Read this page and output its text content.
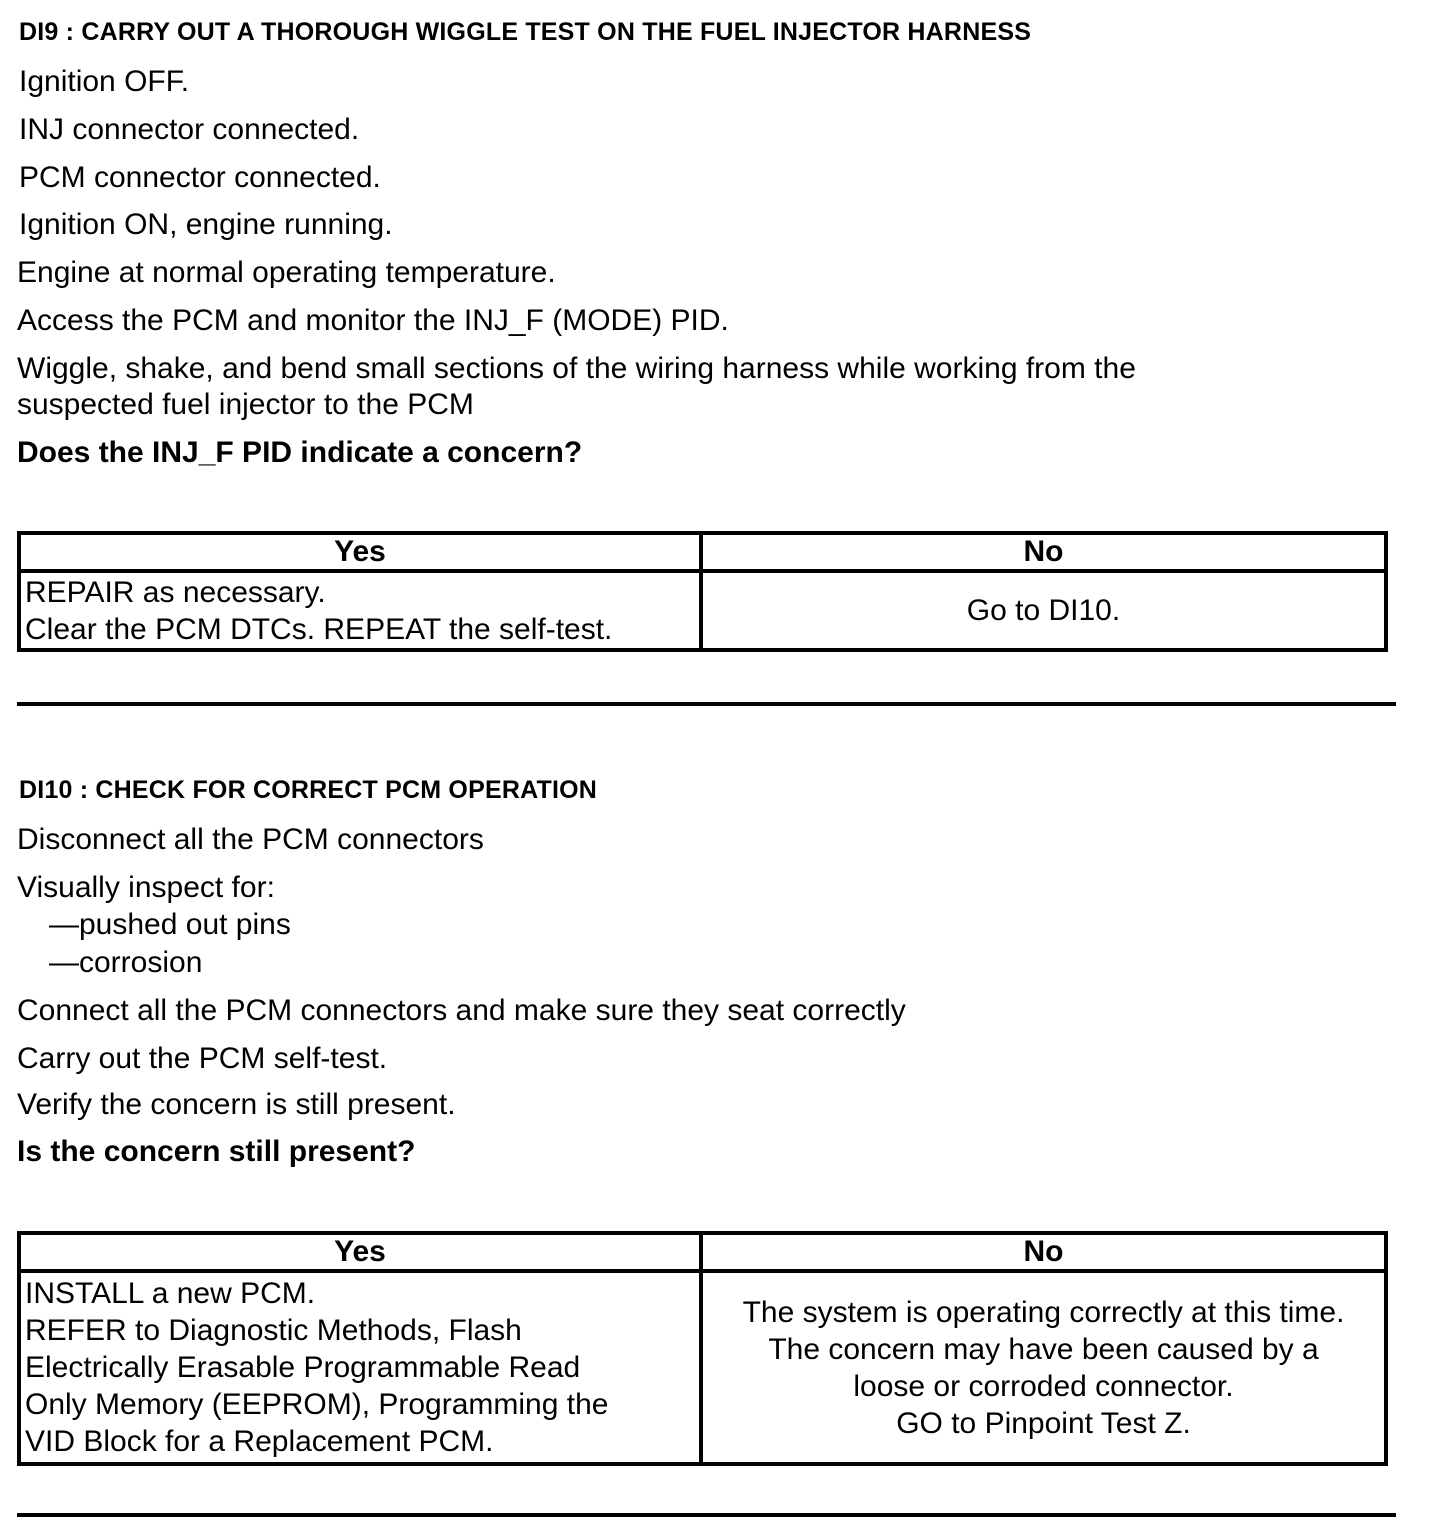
DI9 : CARRY OUT A THOROUGH WIGGLE TEST ON THE FUEL INJECTOR HARNESS
Ignition OFF.
INJ connector connected.
PCM connector connected.
Ignition ON, engine running.
Engine at normal operating temperature.
Access the PCM and monitor the INJ_F (MODE) PID.
Wiggle, shake, and bend small sections of the wiring harness while working from the
suspected fuel injector to the PCM
Does the INJ_F PID indicate a concern?
Yes	No

REPAIR as necessary.
Clear the PCM DTCs. REPEAT the self-test.	Go to DI10.
DI10 : CHECK FOR CORRECT PCM OPERATION
Disconnect all the PCM connectors
Visually inspect for:
—pushed out pins
—corrosion
Connect all the PCM connectors and make sure they seat correctly
Carry out the PCM self-test.
Verify the concern is still present.
Is the concern still present?
Yes	No

INSTALL a new PCM.
REFER to Diagnostic Methods, Flash
Electrically Erasable Programmable Read
Only Memory (EEPROM), Programming the
VID Block for a Replacement PCM.	The system is operating correctly at this time.
The concern may have been caused by a
loose or corroded connector.
GO to Pinpoint Test Z.
